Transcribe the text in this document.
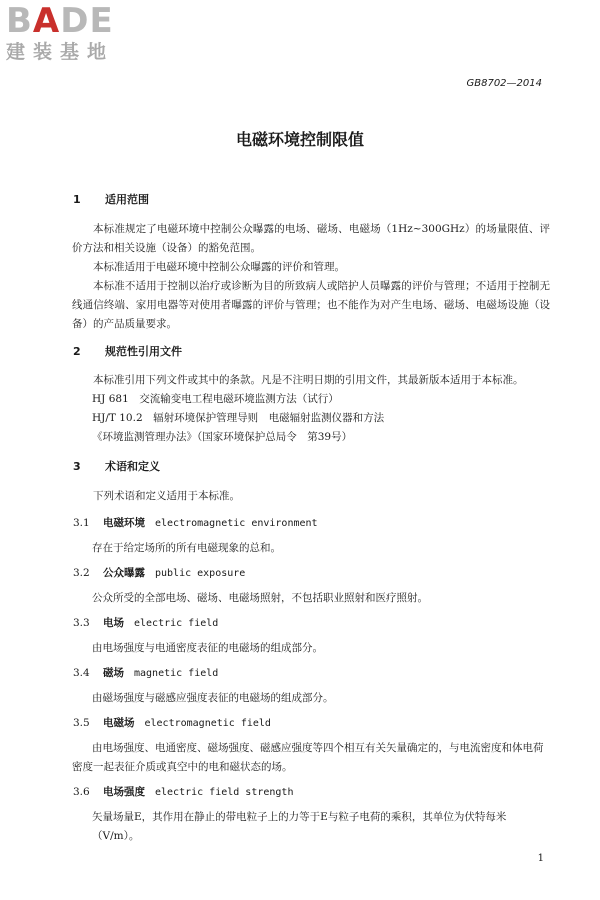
BADE
建装基地
GB8702—2014
电磁环境控制限值
1 适用范围
本标准规定了电磁环境中控制公众曝露的电场、磁场、电磁场（1Hz~300GHz）的场量限值、评价方法和相关设施（设备）的豁免范围。
本标准适用于电磁环境中控制公众曝露的评价和管理。
本标准不适用于控制以治疗或诊断为目的所致病人或陪护人员曝露的评价与管理；不适用于控制无线通信终端、家用电器等对使用者曝露的评价与管理；也不能作为对产生电场、磁场、电磁场设施（设备）的产品质量要求。
2 规范性引用文件
本标准引用下列文件或其中的条款。凡是不注明日期的引用文件，其最新版本适用于本标准。
HJ 681　交流输变电工程电磁环境监测方法（试行）
HJ/T 10.2　辐射环境保护管理导则　电磁辐射监测仪器和方法
《环境监测管理办法》（国家环境保护总局令　第39号）
3 术语和定义
下列术语和定义适用于本标准。
3.1 电磁环境 electromagnetic environment
存在于给定场所的所有电磁现象的总和。
3.2 公众曝露 public exposure
公众所受的全部电场、磁场、电磁场照射，不包括职业照射和医疗照射。
3.3 电场 electric field
由电场强度与电通密度表征的电磁场的组成部分。
3.4 磁场 magnetic field
由磁场强度与磁感应强度表征的电磁场的组成部分。
3.5 电磁场 electromagnetic field
由电场强度、电通密度、磁场强度、磁感应强度等四个相互有关矢量确定的，与电流密度和体电荷
密度一起表征介质或真空中的电和磁状态的场。
3.6 电场强度 electric field strength
矢量场量E，其作用在静止的带电粒子上的力等于E与粒子电荷的乘积，其单位为伏特每米（V/m）。
1
